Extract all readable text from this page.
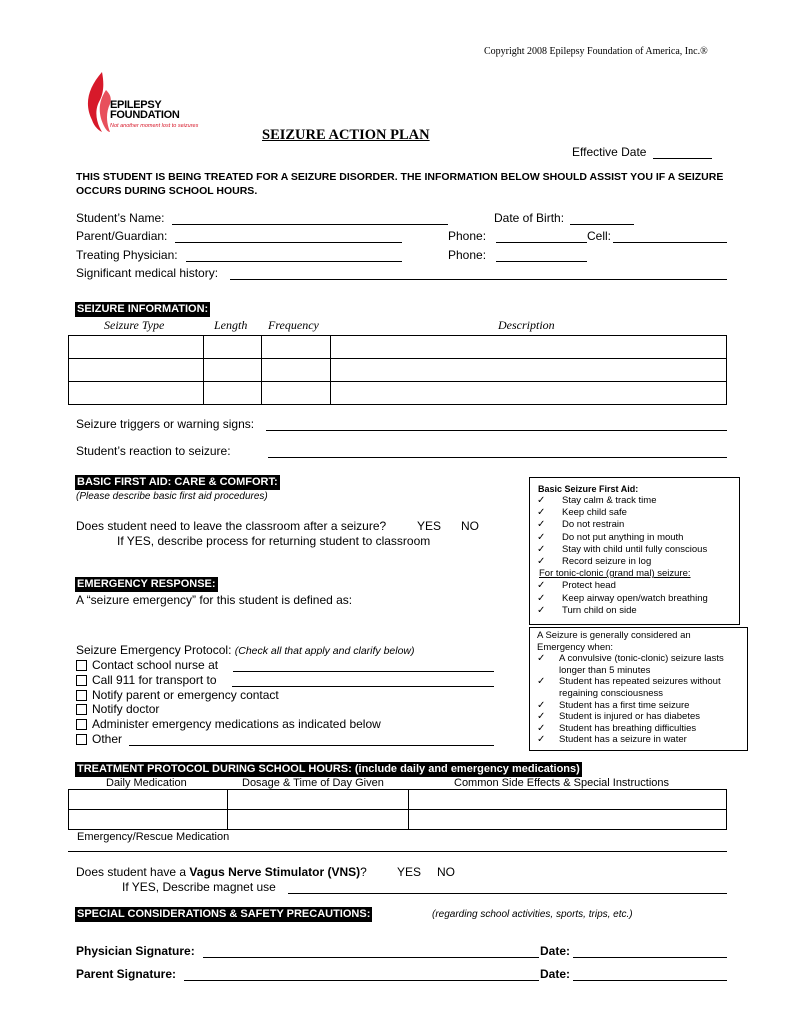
Copyright 2008 Epilepsy Foundation of America, Inc.®
EPILEPSY
FOUNDATION
Not another moment lost to seizures
SEIZURE ACTION PLAN
Effective Date
THIS STUDENT IS BEING TREATED FOR A SEIZURE DISORDER. THE INFORMATION BELOW SHOULD ASSIST YOU IF A SEIZURE OCCURS DURING SCHOOL HOURS.
Student’s Name:	Date of Birth:
Parent/Guardian:	Phone:	Cell:
Treating Physician:	Phone:
Significant medical history:
SEIZURE INFORMATION:
Seizure Type	Length Frequency	Description

Seizure triggers or warning signs:
Student’s reaction to seizure:
BASIC FIRST AID: CARE & COMFORT:
(Please describe basic first aid procedures)
Does student need to leave the classroom after a seizure?	YES NO
If YES, describe process for returning student to classroom
EMERGENCY RESPONSE:
A “seizure emergency” for this student is defined as:
Seizure Emergency Protocol: (Check all that apply and clarify below)
Contact school nurse at
Call 911 for transport to
Notify parent or emergency contact
Notify doctor
Administer emergency medications as indicated below
Other
Basic Seizure First Aid:
✓ Stay calm & track time
✓ Keep child safe
✓ Do not restrain
✓ Do not put anything in mouth
✓ Stay with child until fully conscious
✓ Record seizure in log
For tonic-clonic (grand mal) seizure:
✓ Protect head
✓ Keep airway open/watch breathing
✓ Turn child on side
A Seizure is generally considered an
Emergency when:
✓ A convulsive (tonic-clonic) seizure lasts
longer than 5 minutes
✓ Student has repeated seizures without
regaining consciousness
✓ Student has a first time seizure
✓ Student is injured or has diabetes
✓ Student has breathing difficulties
✓ Student has a seizure in water
TREATMENT PROTOCOL DURING SCHOOL HOURS: (include daily and emergency medications)
Daily Medication	Dosage & Time of Day Given	Common Side Effects & Special Instructions

Emergency/Rescue Medication
Does student have a Vagus Nerve Stimulator (VNS)?	YES NO
If YES, Describe magnet use
SPECIAL CONSIDERATIONS & SAFETY PRECAUTIONS:	(regarding school activities, sports, trips, etc.)
Physician Signature:	Date:
Parent Signature:	Date:
